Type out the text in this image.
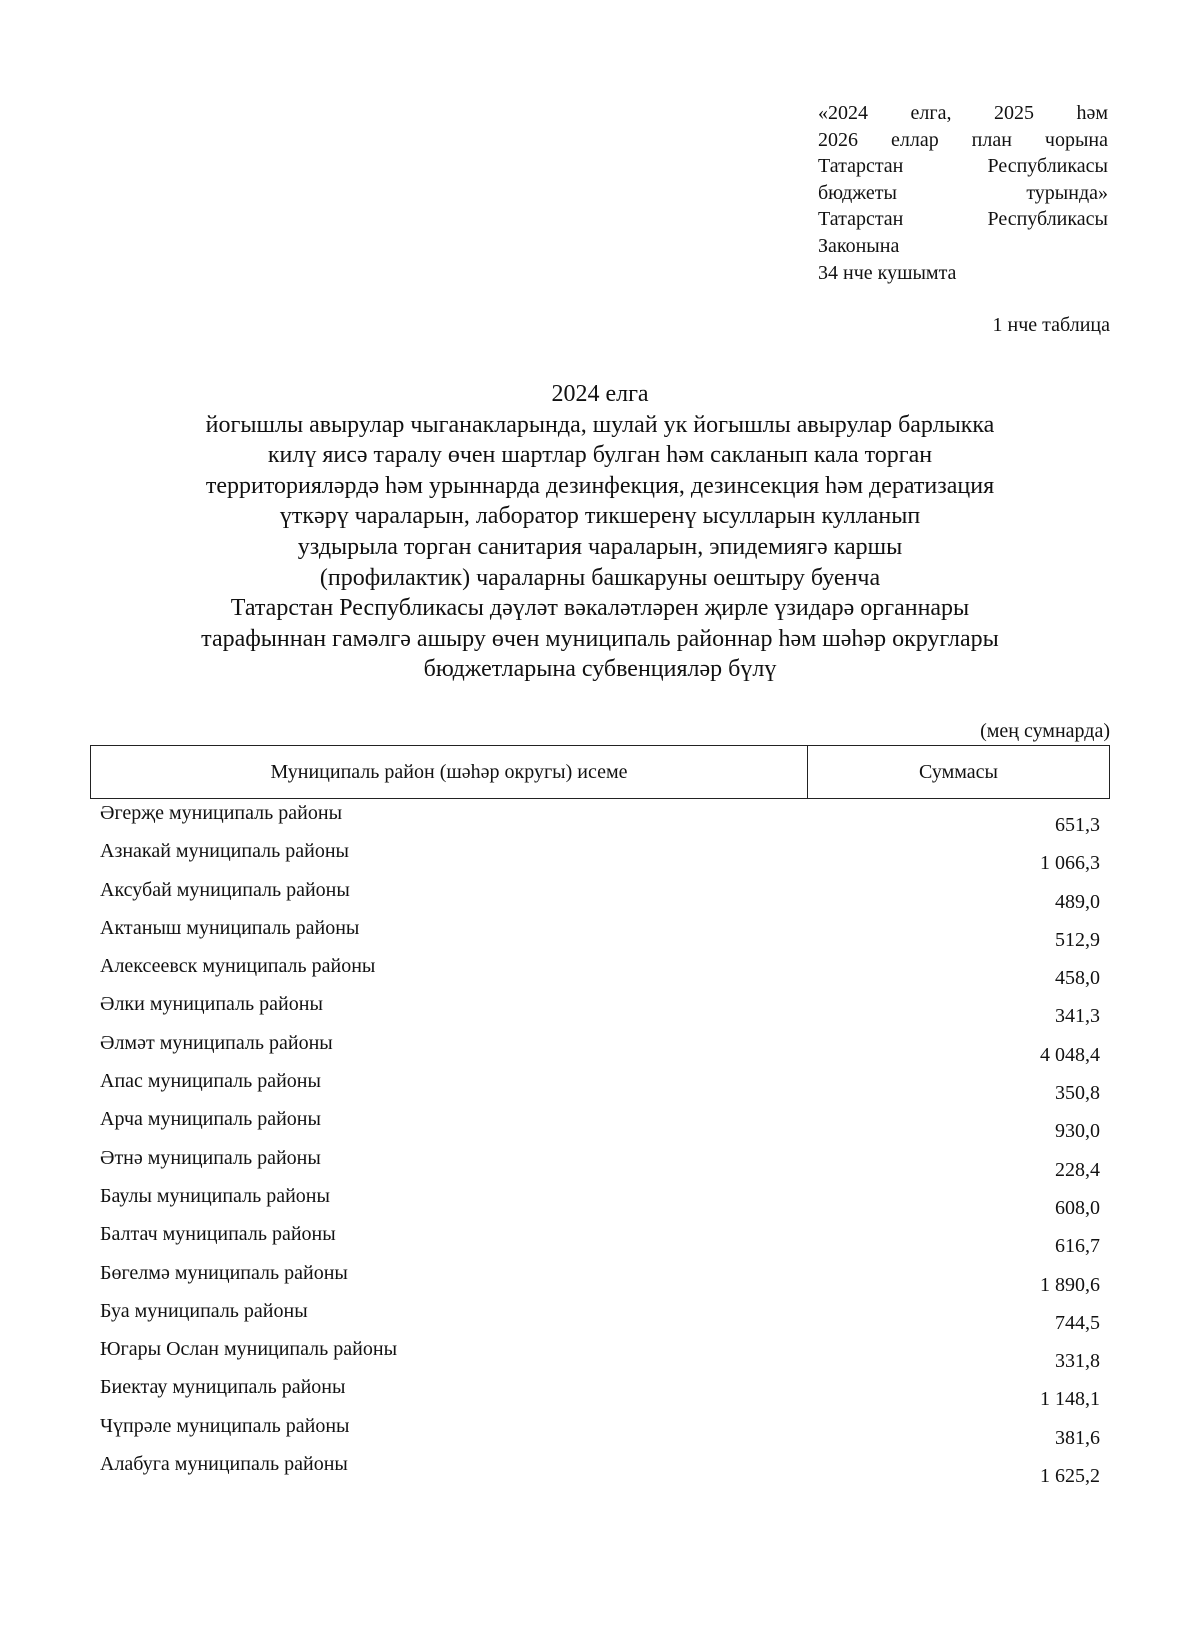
«2024 елга, 2025 һәм
2026 еллар план чорына
Татарстан Республикасы
бюджеты турында»
Татарстан Республикасы
Законына
34 нче кушымта
1 нче таблица
2024 елга
йогышлы авырулар чыганакларында, шулай ук йогышлы авырулар барлыкка
килү яисә таралу өчен шартлар булган һәм сакланып кала торган
территорияләрдә һәм урыннарда дезинфекция, дезинсекция һәм дератизация
үткәрү чараларын, лаборатор тикшеренү ысулларын кулланып
уздырыла торган санитария чараларын, эпидемиягә каршы
(профилактик) чараларны башкаруны оештыру буенча
Татарстан Республикасы дәүләт вәкаләтләрен җирле үзидарә органнары
тарафыннан гамәлгә ашыру өчен муниципаль районнар һәм шәһәр округлары
бюджетларына субвенцияләр бүлү
(мең сумнарда)
Муниципаль район (шәһәр округы) исеме	Суммасы
Әгерҗе муниципаль районы
651,3
Азнакай муниципаль районы
1 066,3
Аксубай муниципаль районы
489,0
Актаныш муниципаль районы
512,9
Алексеевск муниципаль районы
458,0
Әлки муниципаль районы
341,3
Әлмәт муниципаль районы
4 048,4
Апас муниципаль районы
350,8
Арча муниципаль районы
930,0
Әтнә муниципаль районы
228,4
Баулы муниципаль районы
608,0
Балтач муниципаль районы
616,7
Бөгелмә муниципаль районы
1 890,6
Буа муниципаль районы
744,5
Югары Ослан муниципаль районы
331,8
Биектау муниципаль районы
1 148,1
Чүпрәле муниципаль районы
381,6
Алабуга муниципаль районы
1 625,2
